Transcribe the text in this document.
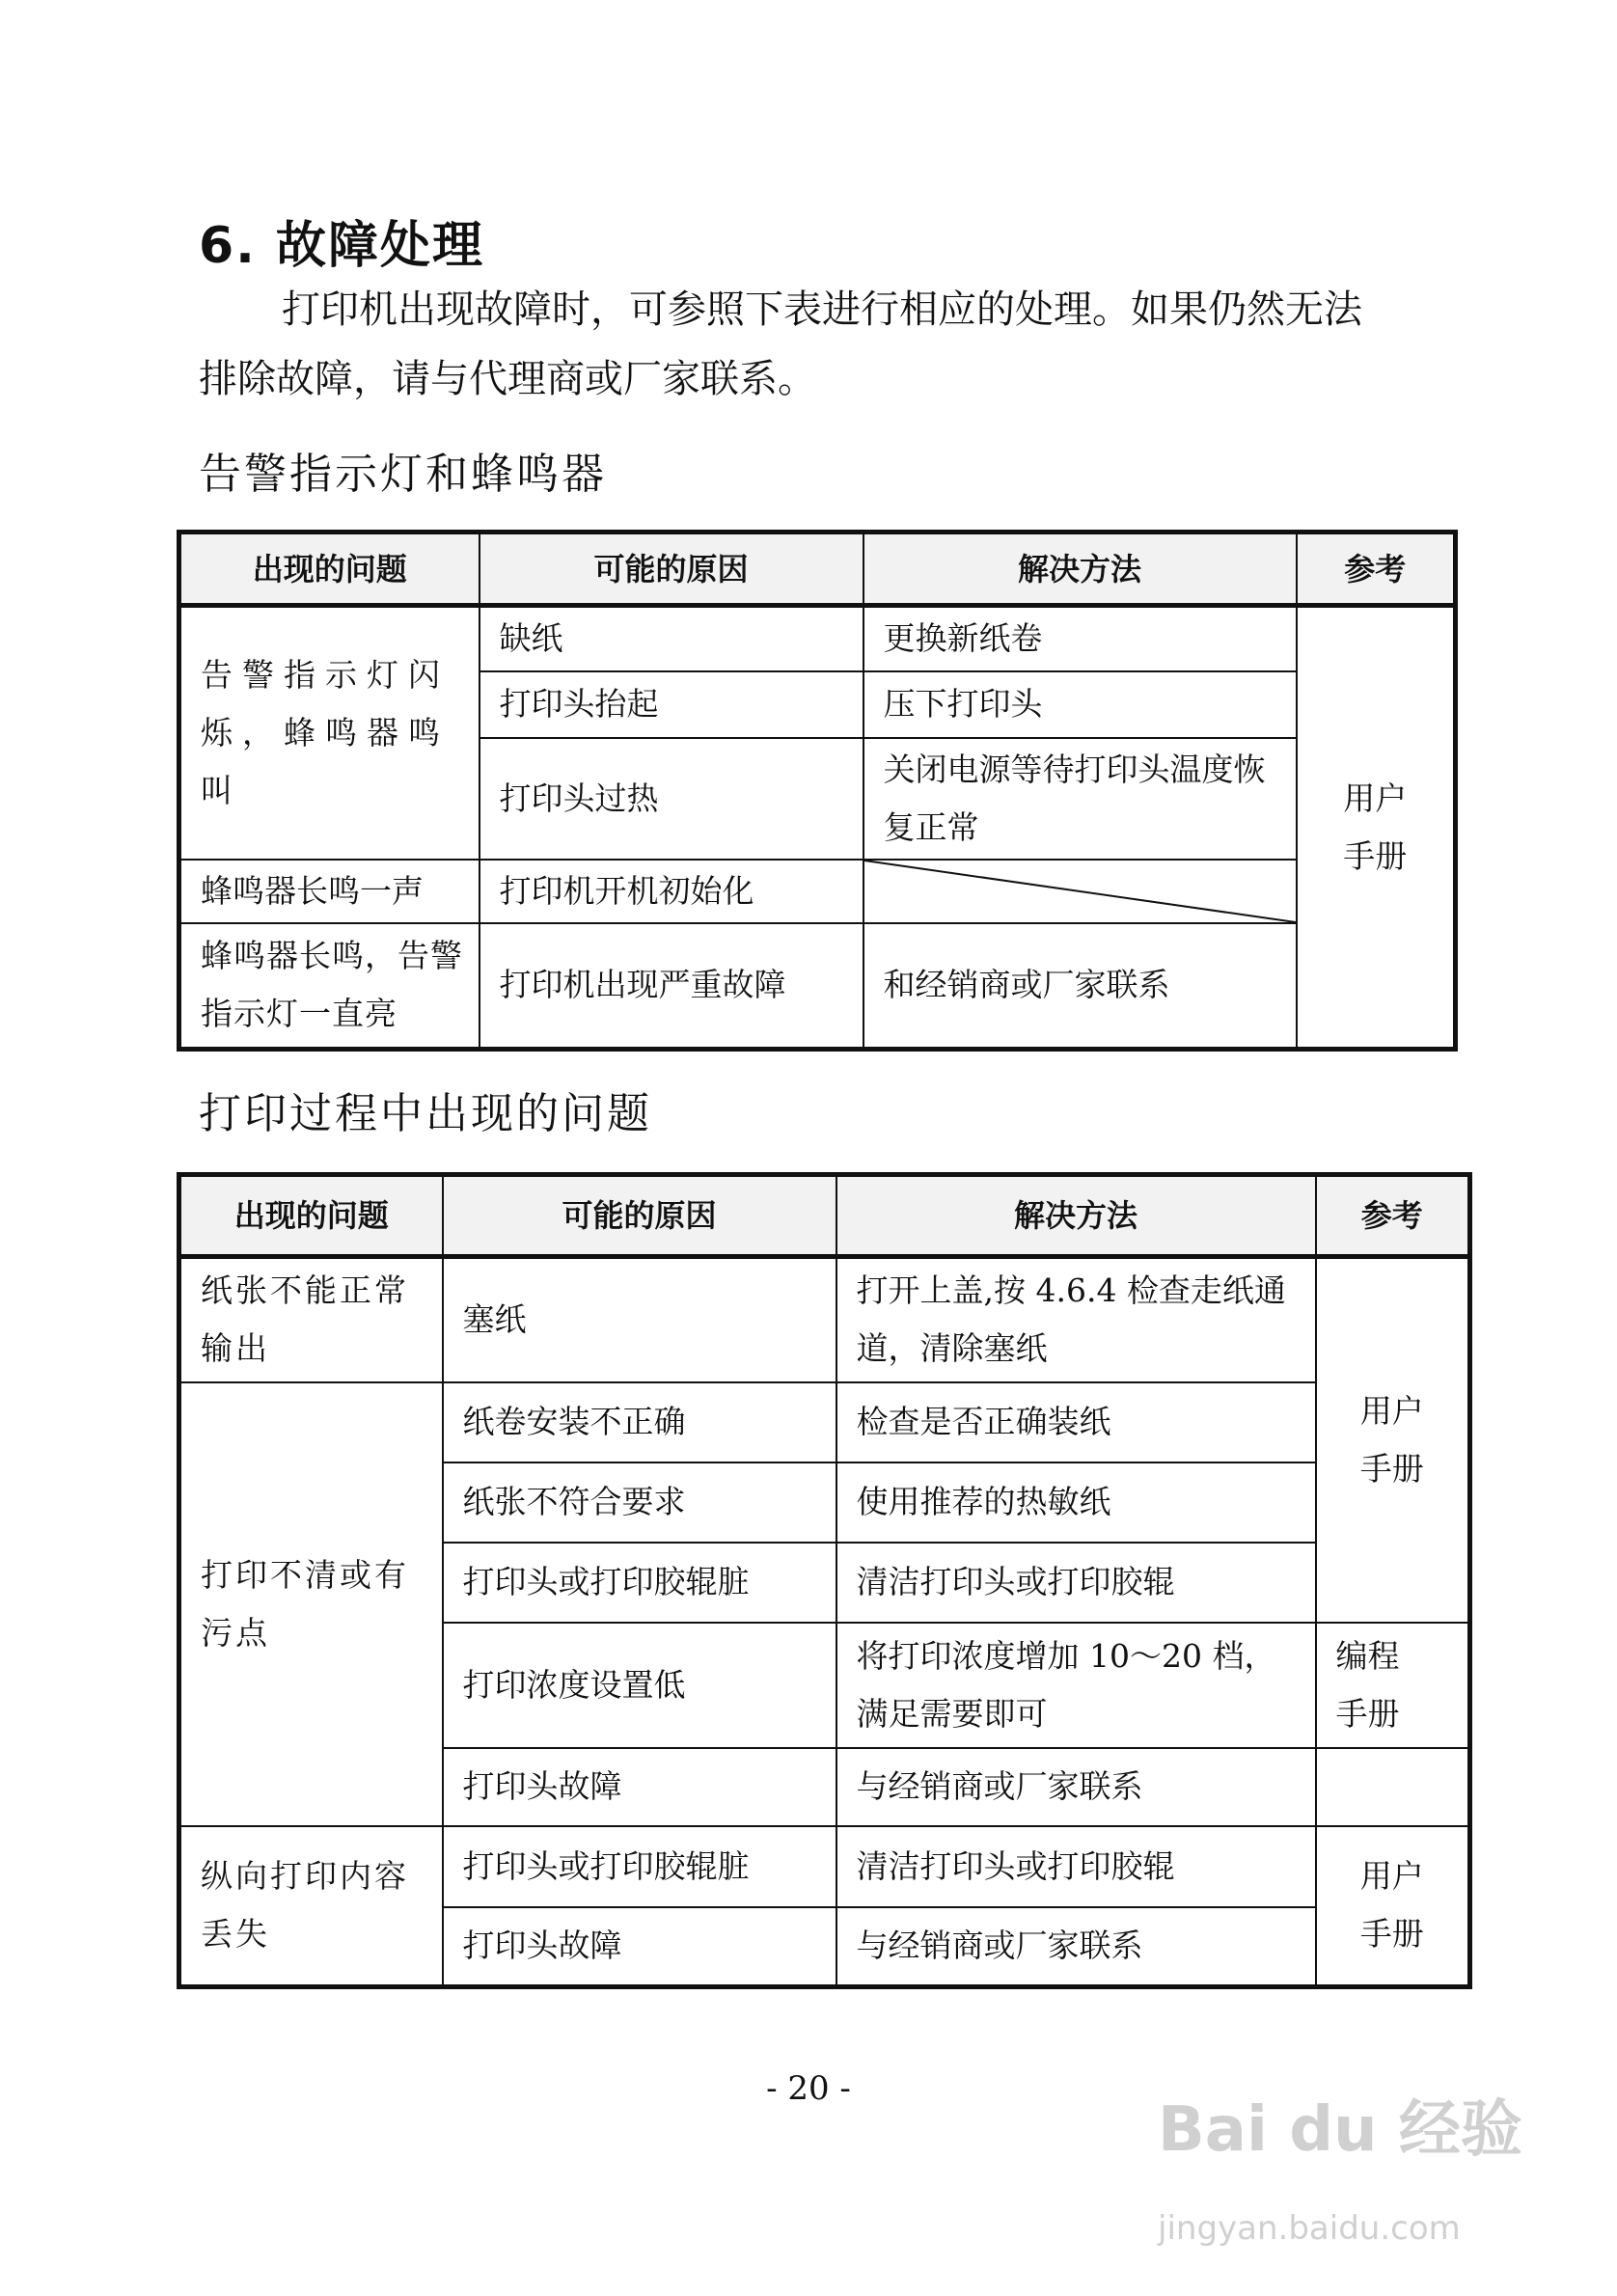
6. 故障处理
打印机出现故障时，可参照下表进行相应的处理。如果仍然无法
排除故障，请与代理商或厂家联系。
告警指示灯和蜂鸣器
出现的问题	可能的原因	解决方法	参考
告警指示灯闪烁，蜂鸣器鸣叫	缺纸	更换新纸卷	用户手册
	打印头抬起	压下打印头	
	打印头过热	关闭电源等待打印头温度恢复正常	
蜂鸣器长鸣一声	打印机开机初始化	

蜂鸣器长鸣，告警指示灯一直亮	打印机出现严重故障	和经销商或厂家联系	
打印过程中出现的问题
出现的问题	可能的原因	解决方法	参考
纸张不能正常输出	塞纸	打开上盖,按 4.6.4 检查走纸通道，清除塞纸	用户手册
打印不清或有污点	纸卷安装不正确	检查是否正确装纸	
	纸张不符合要求	使用推荐的热敏纸	
	打印头或打印胶辊脏	清洁打印头或打印胶辊	
	打印浓度设置低	将打印浓度增加 10～20 档，满足需要即可	编程手册
	打印头故障	与经销商或厂家联系	
纵向打印内容丢失	打印头或打印胶辊脏	清洁打印头或打印胶辊	用户手册
	打印头故障	与经销商或厂家联系	
- 20 -
Bai du 经验
jingyan.baidu.com
